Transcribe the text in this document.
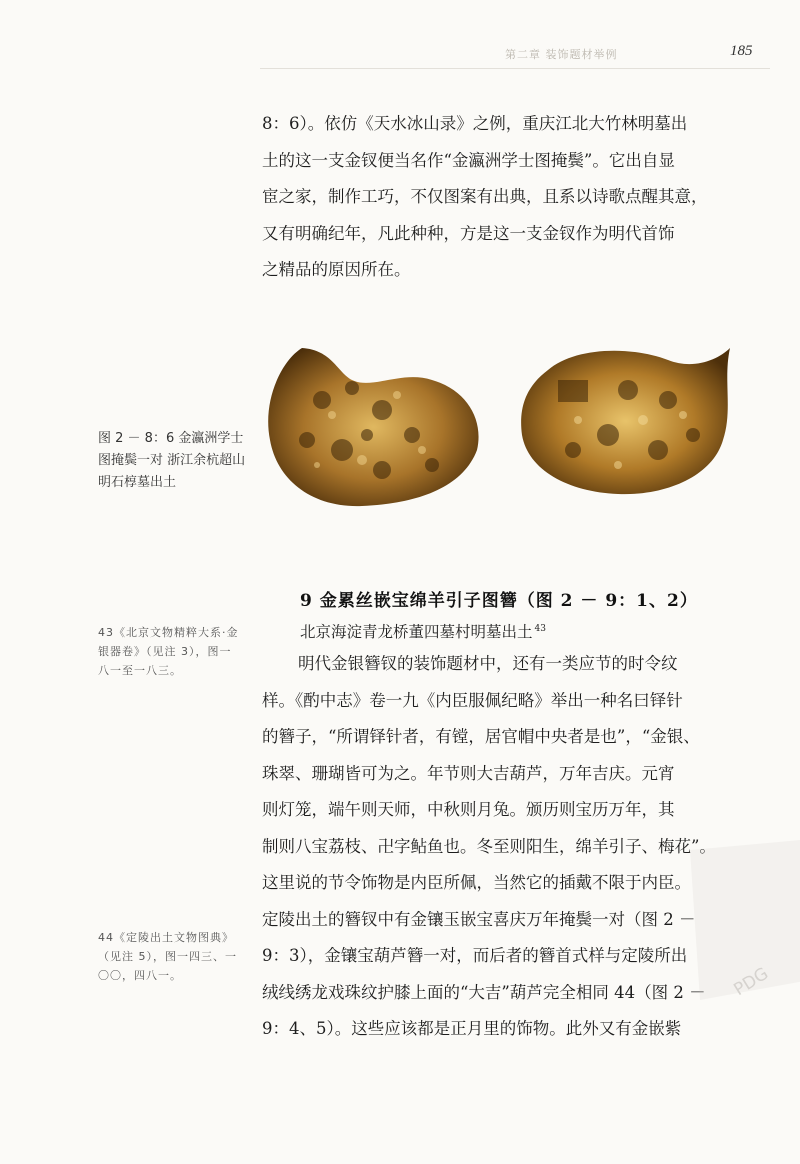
第二章 装饰题材举例	185
8：6）。依仿《天水冰山录》之例，重庆江北大竹林明墓出
土的这一支金钗便当名作“金瀛洲学士图掩鬓”。它出自显
宦之家，制作工巧，不仅图案有出典，且系以诗歌点醒其意，
又有明确纪年，凡此种种，方是这一支金钗作为明代首饰
之精品的原因所在。
图 2 － 8：6 金瀛洲学士图掩鬓一对 浙江余杭超山明石椁墓出土
9 金累丝嵌宝绵羊引子图簪（图 2 － 9：1、2）
北京海淀青龙桥董四墓村明墓出土 $^{43}$
明代金银簪钗的装饰题材中，还有一类应节的时令纹
样。《酌中志》卷一九《内臣服佩纪略》举出一种名曰铎针
的簪子，“所谓铎针者，有镗，居官帽中央者是也”，“金银、
珠翠、珊瑚皆可为之。年节则大吉葫芦，万年吉庆。元宵
则灯笼，端午则天师，中秋则月兔。颁历则宝历万年，其
制则八宝荔枝、卍字鲇鱼也。冬至则阳生，绵羊引子、梅花”。
这里说的节令饰物是内臣所佩，当然它的插戴不限于内臣。
定陵出土的簪钗中有金镶玉嵌宝喜庆万年掩鬓一对（图 2 －
9：3），金镶宝葫芦簪一对，而后者的簪首式样与定陵所出
绒线绣龙戏珠纹护膝上面的“大吉”葫芦完全相同 44（图 2 －
9：4、5）。这些应该都是正月里的饰物。此外又有金嵌紫
43《北京文物精粹大系·金银器卷》（见注 3），图一八一至一八三。
44《定陵出土文物图典》（见注 5），图一四三、一〇〇，四八一。	PDG
